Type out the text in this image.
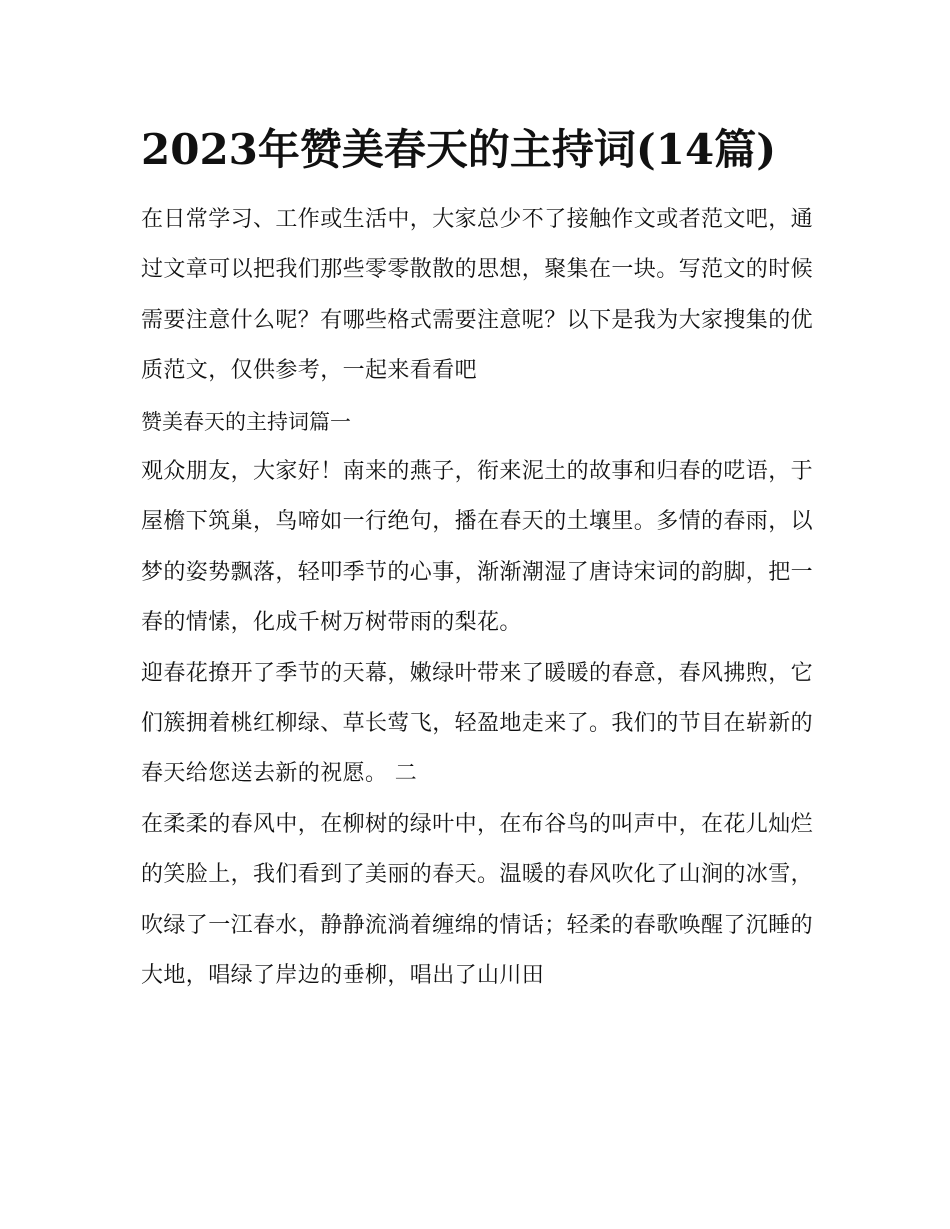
2023年赞美春天的主持词(14篇)

在日常学习、工作或生活中，大家总少不了接触作文或者范文吧，通过文章可以把我们那些零零散散的思想，聚集在一块。写范文的时候需要注意什么呢？有哪些格式需要注意呢？以下是我为大家搜集的优质范文，仅供参考，一起来看看吧

赞美春天的主持词篇一

观众朋友，大家好！南来的燕子，衔来泥土的故事和归春的呓语，于屋檐下筑巢，鸟啼如一行绝句，播在春天的土壤里。多情的春雨，以梦的姿势飘落，轻叩季节的心事，渐渐潮湿了唐诗宋词的韵脚，把一春的情愫，化成千树万树带雨的梨花。

迎春花撩开了季节的天幕，嫩绿叶带来了暖暖的春意，春风拂煦，它们簇拥着桃红柳绿、草长莺飞，轻盈地走来了。我们的节目在崭新的春天给您送去新的祝愿。 二

在柔柔的春风中，在柳树的绿叶中，在布谷鸟的叫声中，在花儿灿烂的笑脸上，我们看到了美丽的春天。温暖的春风吹化了山涧的冰雪，吹绿了一江春水，静静流淌着缠绵的情话；轻柔的春歌唤醒了沉睡的大地，唱绿了岸边的垂柳，唱出了山川田
